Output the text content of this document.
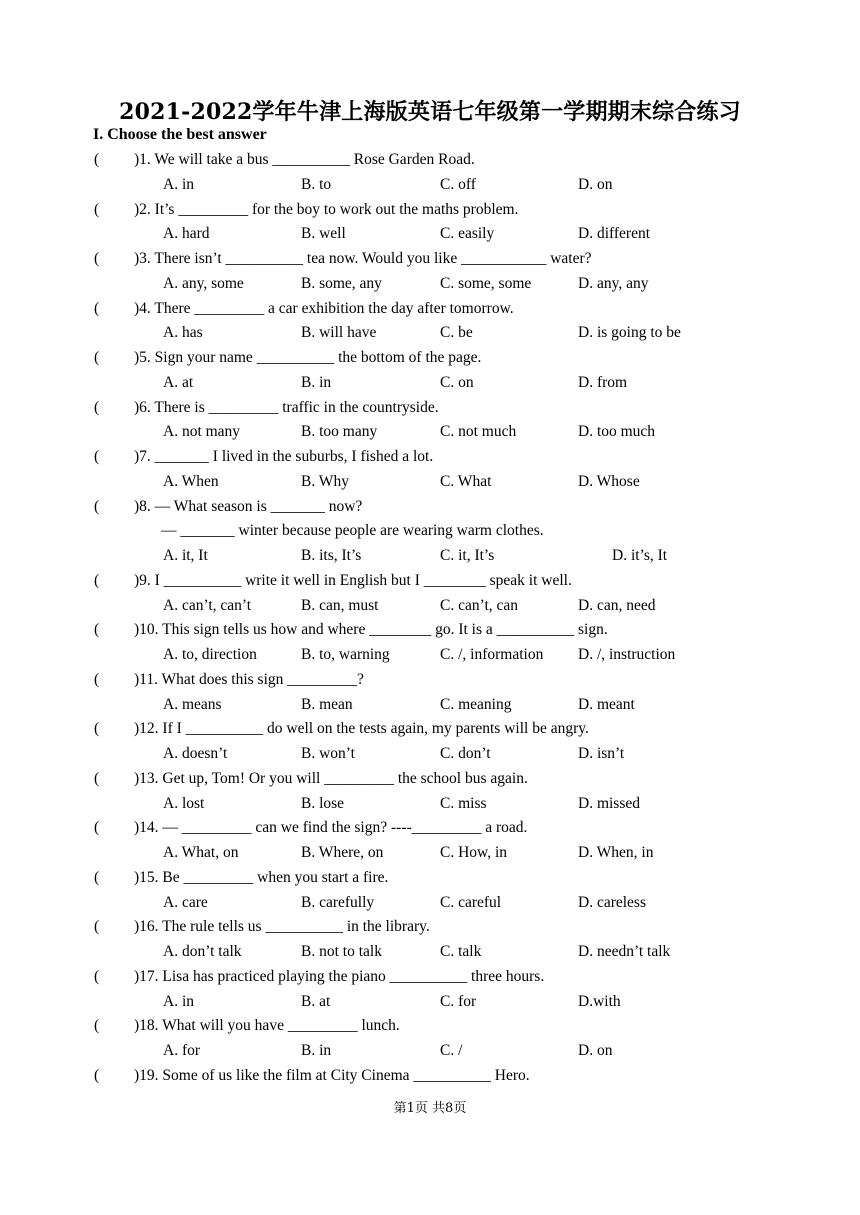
2021-2022学年牛津上海版英语七年级第一学期期末综合练习
I. Choose the best answer
( )1. We will take a bus __________ Rose Garden Road.
A. in	B. to	C. off	D. on
( )2. It’s _________ for the boy to work out the maths problem.
A. hard	B. well	C. easily	D. different
( )3. There isn’t __________ tea now. Would you like ___________ water?
A. any, some	B. some, any	C. some, some	D. any, any
( )4. There _________ a car exhibition the day after tomorrow.
A. has	B. will have	C. be	D. is going to be
( )5. Sign your name __________ the bottom of the page.
A. at	B. in	C. on	D. from
( )6. There is _________ traffic in the countryside.
A. not many	B. too many	C. not much	D. too much
( )7. _______ I lived in the suburbs, I fished a lot.
A. When	B. Why	C. What	D. Whose
( )8. — What season is _______ now?
— _______ winter because people are wearing warm clothes.
A. it, It	B. its, It’s	C. it, It’s	D. it’s, It
( )9. I __________ write it well in English but I ________ speak it well.
A. can’t, can’t	B. can, must	C. can’t, can	D. can, need
( )10. This sign tells us how and where ________ go. It is a __________ sign.
A. to, direction	B. to, warning	C. /, information D. /, instruction
( )11. What does this sign _________?
A. means	B. mean	C. meaning	D. meant
( )12. If I __________ do well on the tests again, my parents will be angry.
A. doesn’t	B. won’t	C. don’t	D. isn’t
( )13. Get up, Tom! Or you will _________ the school bus again.
A. lost	B. lose	C. miss	D. missed
( )14. — _________ can we find the sign? ----_________ a road.
A. What, on	B. Where, on	C. How, in	D. When, in
( )15. Be _________ when you start a fire.
A. care	B. carefully	C. careful	D. careless
( )16. The rule tells us __________ in the library.
A. don’t talk	B. not to talk	C. talk	D. needn’t talk
( )17. Lisa has practiced playing the piano __________ three hours.
A. in	B. at	C. for	D.with
( )18. What will you have _________ lunch.
A. for	B. in	C. /	D. on
( )19. Some of us like the film at City Cinema __________ Hero.
第1页 共8页
